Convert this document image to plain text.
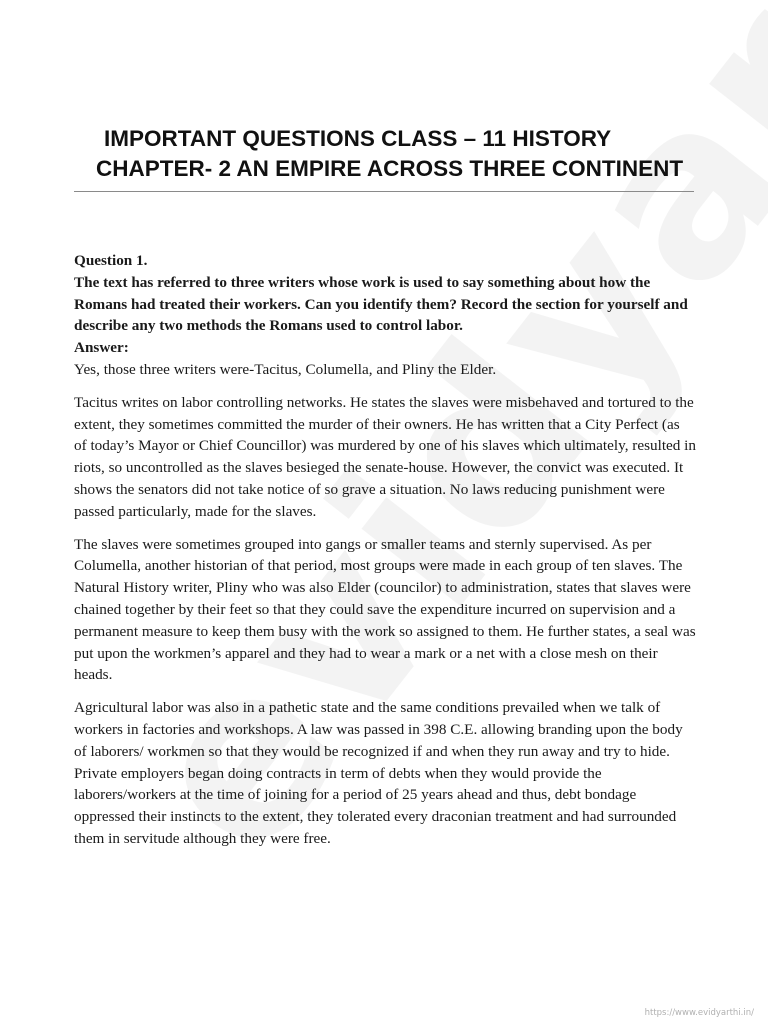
IMPORTANT QUESTIONS CLASS – 11 HISTORY
CHAPTER- 2 AN EMPIRE ACROSS THREE CONTINENT

Question 1.

The text has referred to three writers whose work is used to say something about how the Romans had treated their workers. Can you identify them? Record the section for yourself and describe any two methods the Romans used to control labor.

Answer:

Yes, those three writers were-Tacitus, Columella, and Pliny the Elder.

Tacitus writes on labor controlling networks. He states the slaves were misbehaved and tortured to the extent, they sometimes committed the murder of their owners. He has written that a City Perfect (as of today’s Mayor or Chief Councillor) was murdered by one of his slaves which ultimately, resulted in riots, so uncontrolled as the slaves besieged the senate-house. However, the convict was executed. It shows the senators did not take notice of so grave a situation. No laws reducing punishment were passed particularly, made for the slaves.

The slaves were sometimes grouped into gangs or smaller teams and sternly supervised. As per Columella, another historian of that period, most groups were made in each group of ten slaves. The Natural History writer, Pliny who was also Elder (councilor) to administration, states that slaves were chained together by their feet so that they could save the expenditure incurred on supervision and a permanent measure to keep them busy with the work so assigned to them. He further states, a seal was put upon the workmen’s apparel and they had to wear a mark or a net with a close mesh on their heads.

Agricultural labor was also in a pathetic state and the same conditions prevailed when we talk of workers in factories and workshops. A law was passed in 398 C.E. allowing branding upon the body of laborers/ workmen so that they would be recognized if and when they run away and try to hide. Private employers began doing contracts in term of debts when they would provide the laborers/workers at the time of joining for a period of 25 years ahead and thus, debt bondage oppressed their instincts to the extent, they tolerated every draconian treatment and had surrounded them in servitude although they were free.

https://www.evidyarthi.in/
